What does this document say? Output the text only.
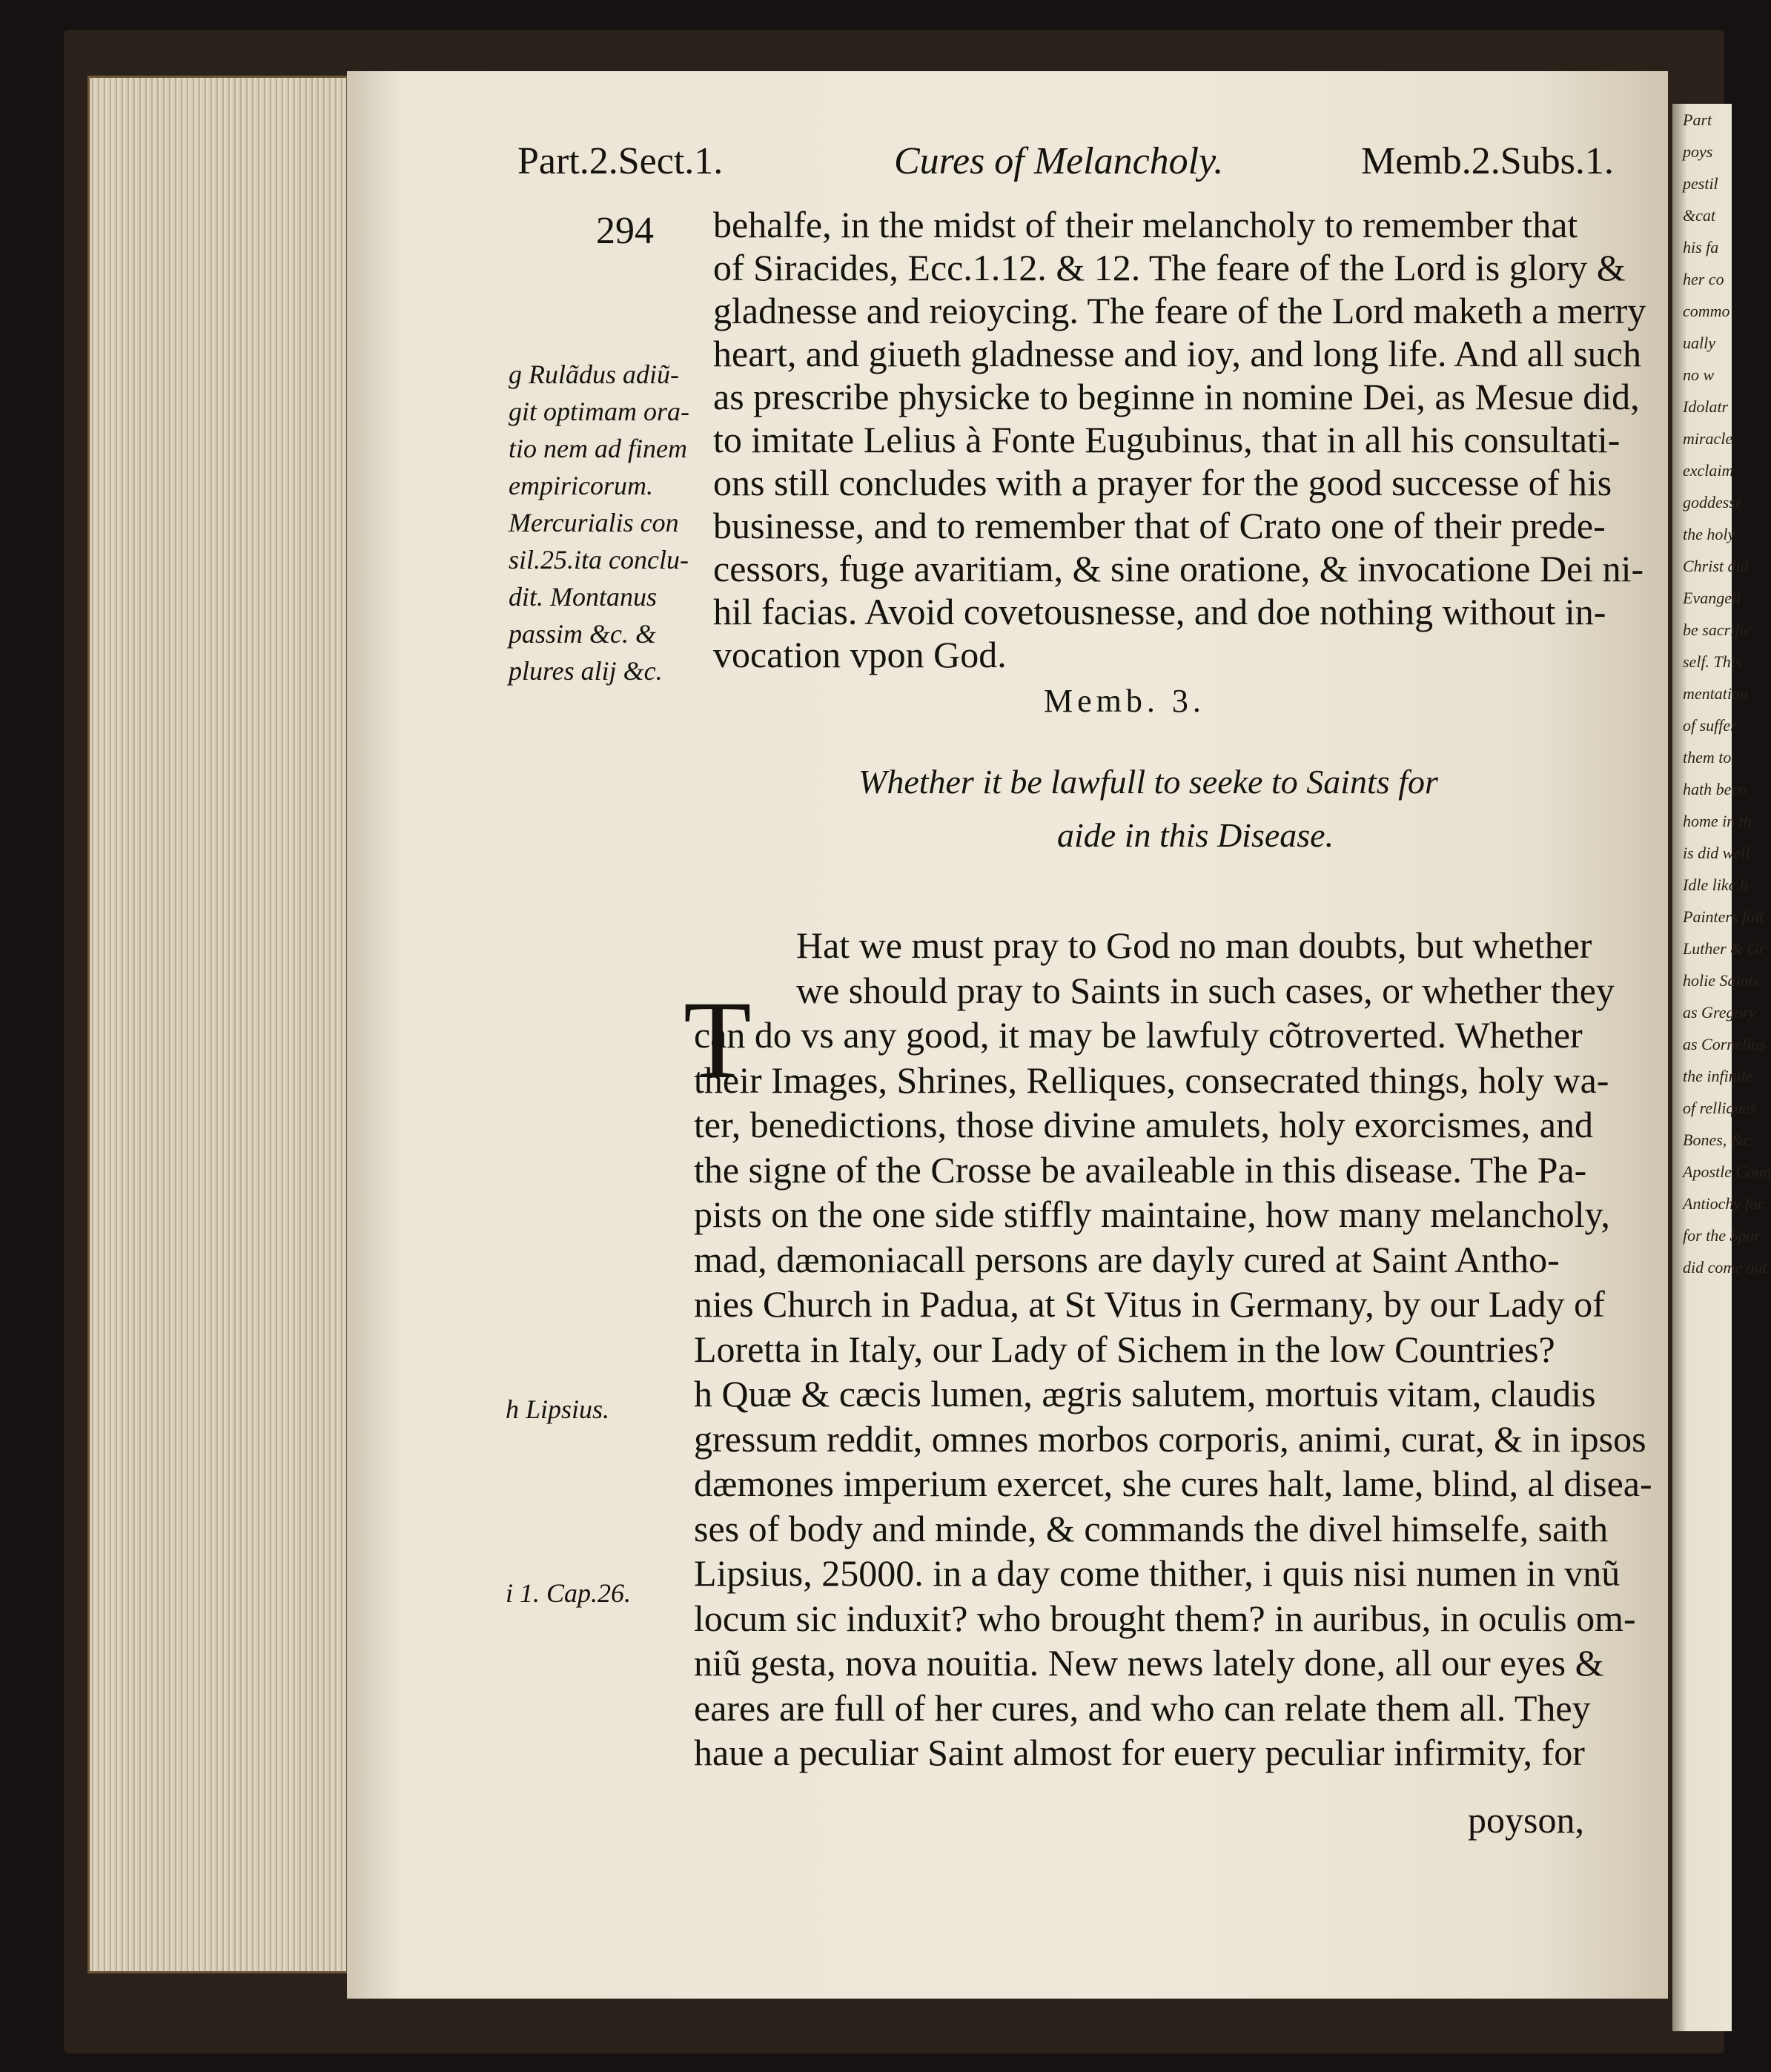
Part
poys
pestil
&cat
his fa
her co
commo
ually
no w
Idolatr
miracle
exclaim
goddesse
the holy
Christ did
Evangeli
be sacrific
self. This
mentation
of suffer
them to
hath beco
home in th
is did well
Idle like h
Painters fait
Luther & Gr
holie Saints
as Gregory
as Cornelius
the infinite
of relliques
Bones, &c.
Apostle Coun
Antiochy for
for the Spar
did come out
Part.2.Sect.1.	Cures of Melancholy.	Memb.2.Subs.1.
294 behalfe, in the midst of their melancholy to remember that
of Siracides, Ecc.1.12. & 12. The feare of the Lord is glory &
gladnesse and reioycing. The feare of the Lord maketh a merry
heart, and giueth gladnesse and ioy, and long life. And all such
as prescribe physicke to beginne in nomine Dei, as Mesue did,
to imitate Lelius à Fonte Eugubinus, that in all his consultati-
ons still concludes with a prayer for the good successe of his
businesse, and to remember that of Crato one of their prede-
cessors, fuge avaritiam, & sine oratione, & invocatione Dei ni-
hil facias. Avoid covetousnesse, and doe nothing without in-
vocation vpon God.
g Rulãdus adiũ-
git optimam ora-
tio nem ad finem
empiricorum.
Mercurialis con
sil.25.ita conclu-
dit. Montanus
passim &c. &
plures alij &c.
Memb. 3.
Whether it be lawfull to seeke to Saints for
aide in this Disease.
T
Hat we must pray to God no man doubts, but whether
we should pray to Saints in such cases, or whether they
can do vs any good, it may be lawfuly cõtroverted. Whether
their Images, Shrines, Relliques, consecrated things, holy wa-
ter, benedictions, those divine amulets, holy exorcismes, and
the signe of the Crosse be availeable in this disease. The Pa-
pists on the one side stiffly maintaine, how many melancholy,
mad, dæmoniacall persons are dayly cured at Saint Antho-
nies Church in Padua, at St Vitus in Germany, by our Lady of
Loretta in Italy, our Lady of Sichem in the low Countries?
h Quæ & cæcis lumen, ægris salutem, mortuis vitam, claudis
gressum reddit, omnes morbos corporis, animi, curat, & in ipsos
dæmones imperium exercet, she cures halt, lame, blind, al disea-
ses of body and minde, & commands the divel himselfe, saith
Lipsius, 25000. in a day come thither, i quis nisi numen in vnũ
locum sic induxit? who brought them? in auribus, in oculis om-
niũ gesta, nova nouitia. New news lately done, all our eyes &
eares are full of her cures, and who can relate them all. They
haue a peculiar Saint almost for euery peculiar infirmity, for
h Lipsius.
i 1. Cap.26.
poyson,
